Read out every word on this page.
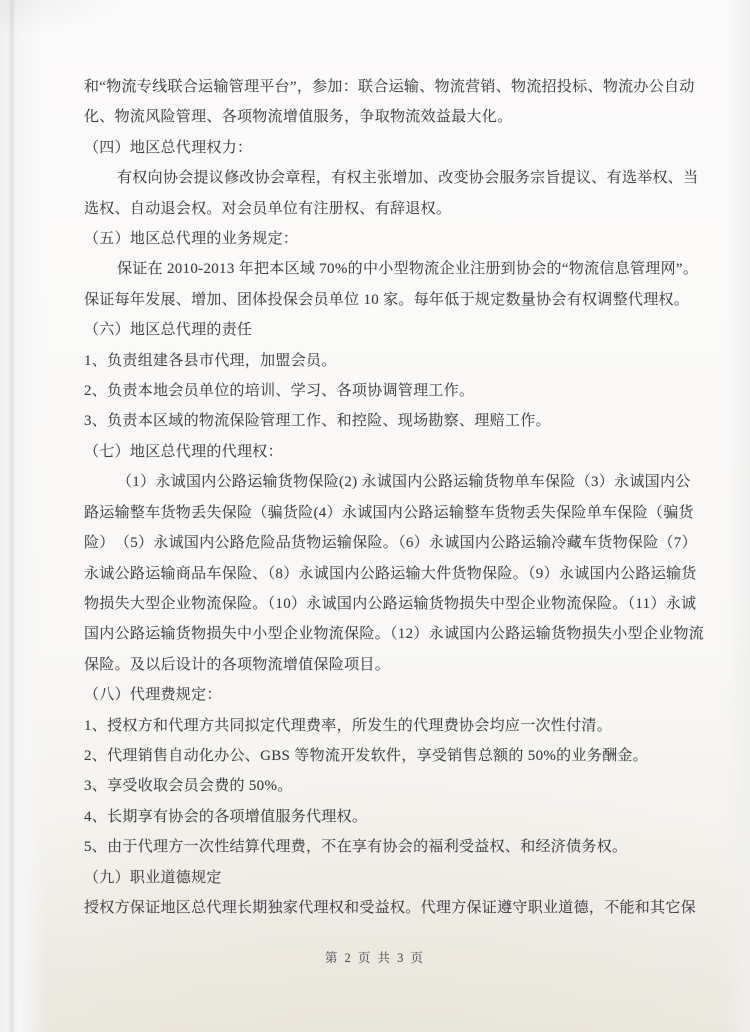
和“物流专线联合运输管理平台”，参加：联合运输、物流营销、物流招投标、物流办公自动
化、物流风险管理、各项物流增值服务，争取物流效益最大化。
（四）地区总代理权力：
有权向协会提议修改协会章程，有权主张增加、改变协会服务宗旨提议、有选举权、当
选权、自动退会权。对会员单位有注册权、有辞退权。
（五）地区总代理的业务规定：
保证在 2010-2013 年把本区域 70%的中小型物流企业注册到协会的“物流信息管理网”。
保证每年发展、增加、团体投保会员单位 10 家。每年低于规定数量协会有权调整代理权。
（六）地区总代理的责任
1、负责组建各县市代理，加盟会员。
2、负责本地会员单位的培训、学习、各项协调管理工作。
3、负责本区域的物流保险管理工作、和控险、现场勘察、理赔工作。
（七）地区总代理的代理权：
（1）永诚国内公路运输货物保险(2) 永诚国内公路运输货物单车保险（3）永诚国内公
路运输整车货物丢失保险（骗货险(4）永诚国内公路运输整车货物丢失保险单车保险（骗货
险）　（5）永诚国内公路危险品货物运输保险。（6）永诚国内公路运输冷藏车货物保险（7）
永诚公路运输商品车保险、（8）永诚国内公路运输大件货物保险。（9）永诚国内公路运输货
物损失大型企业物流保险。（10）永诚国内公路运输货物损失中型企业物流保险。（11）永诚
国内公路运输货物损失中小型企业物流保险。（12）永诚国内公路运输货物损失小型企业物流
保险。及以后设计的各项物流增值保险项目。
（八）代理费规定：
1、授权方和代理方共同拟定代理费率，所发生的代理费协会均应一次性付清。
2、代理销售自动化办公、GBS 等物流开发软件，享受销售总额的 50%的业务酬金。
3、享受收取会员会费的 50%。
4、长期享有协会的各项增值服务代理权。
5、由于代理方一次性结算代理费，不在享有协会的福利受益权、和经济债务权。
（九）职业道德规定
授权方保证地区总代理长期独家代理权和受益权。代理方保证遵守职业道德，不能和其它保
第 2 页 共 3 页
